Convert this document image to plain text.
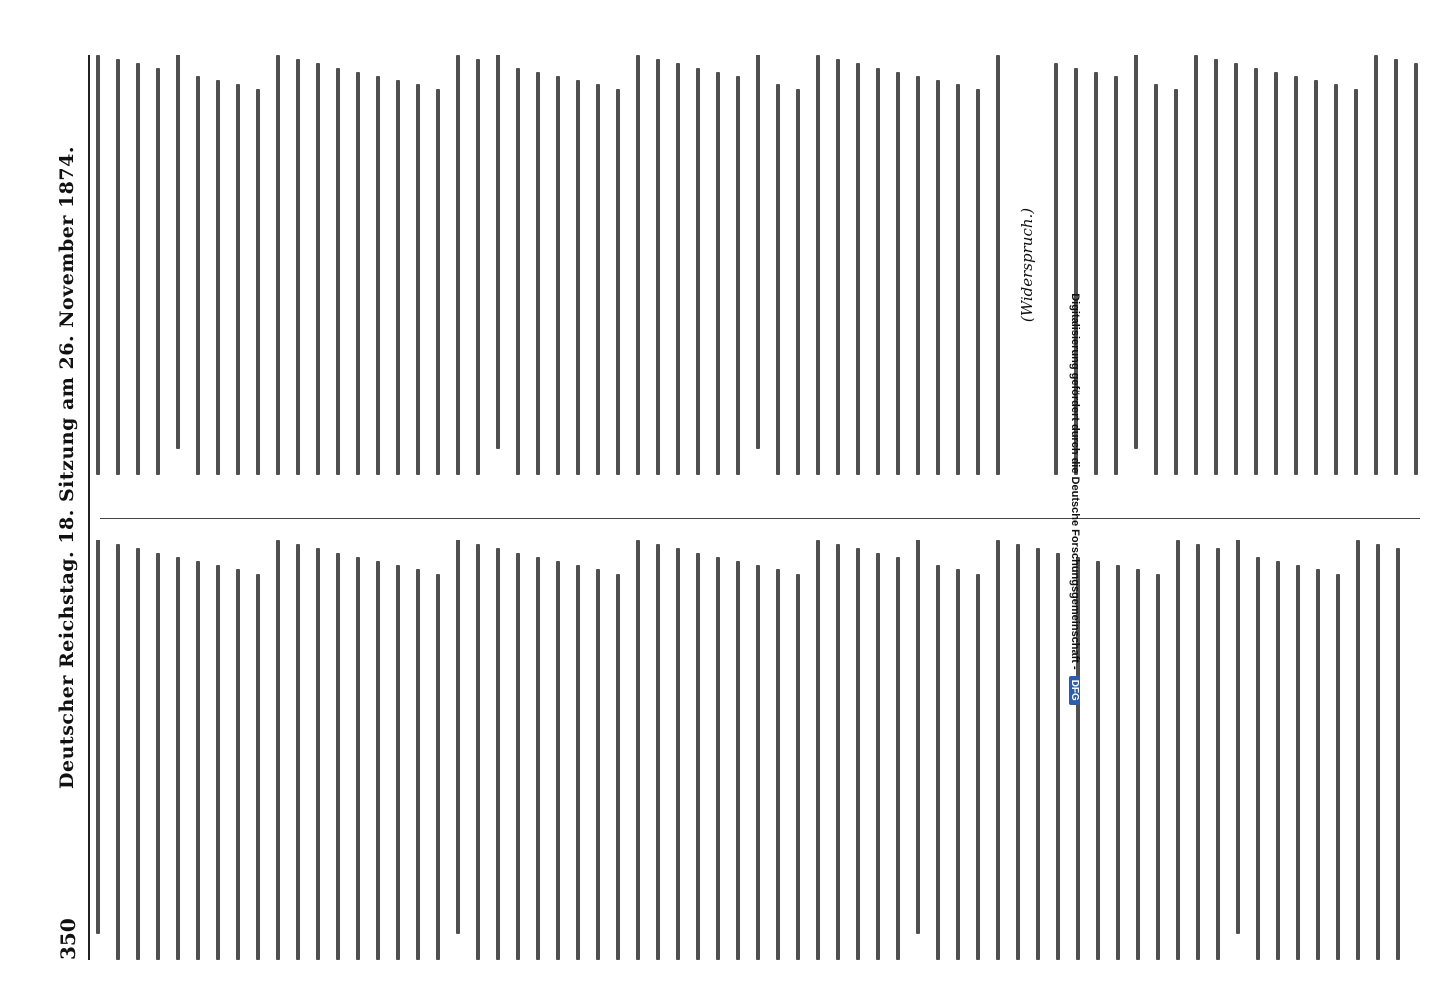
350
Deutscher Reichstag. 18. Sitzung am 26. November 1874.	(Widerspruch.)
Digitalisierung gefördert durch die Deutsche Forschungsgemeinschaft -DFG
